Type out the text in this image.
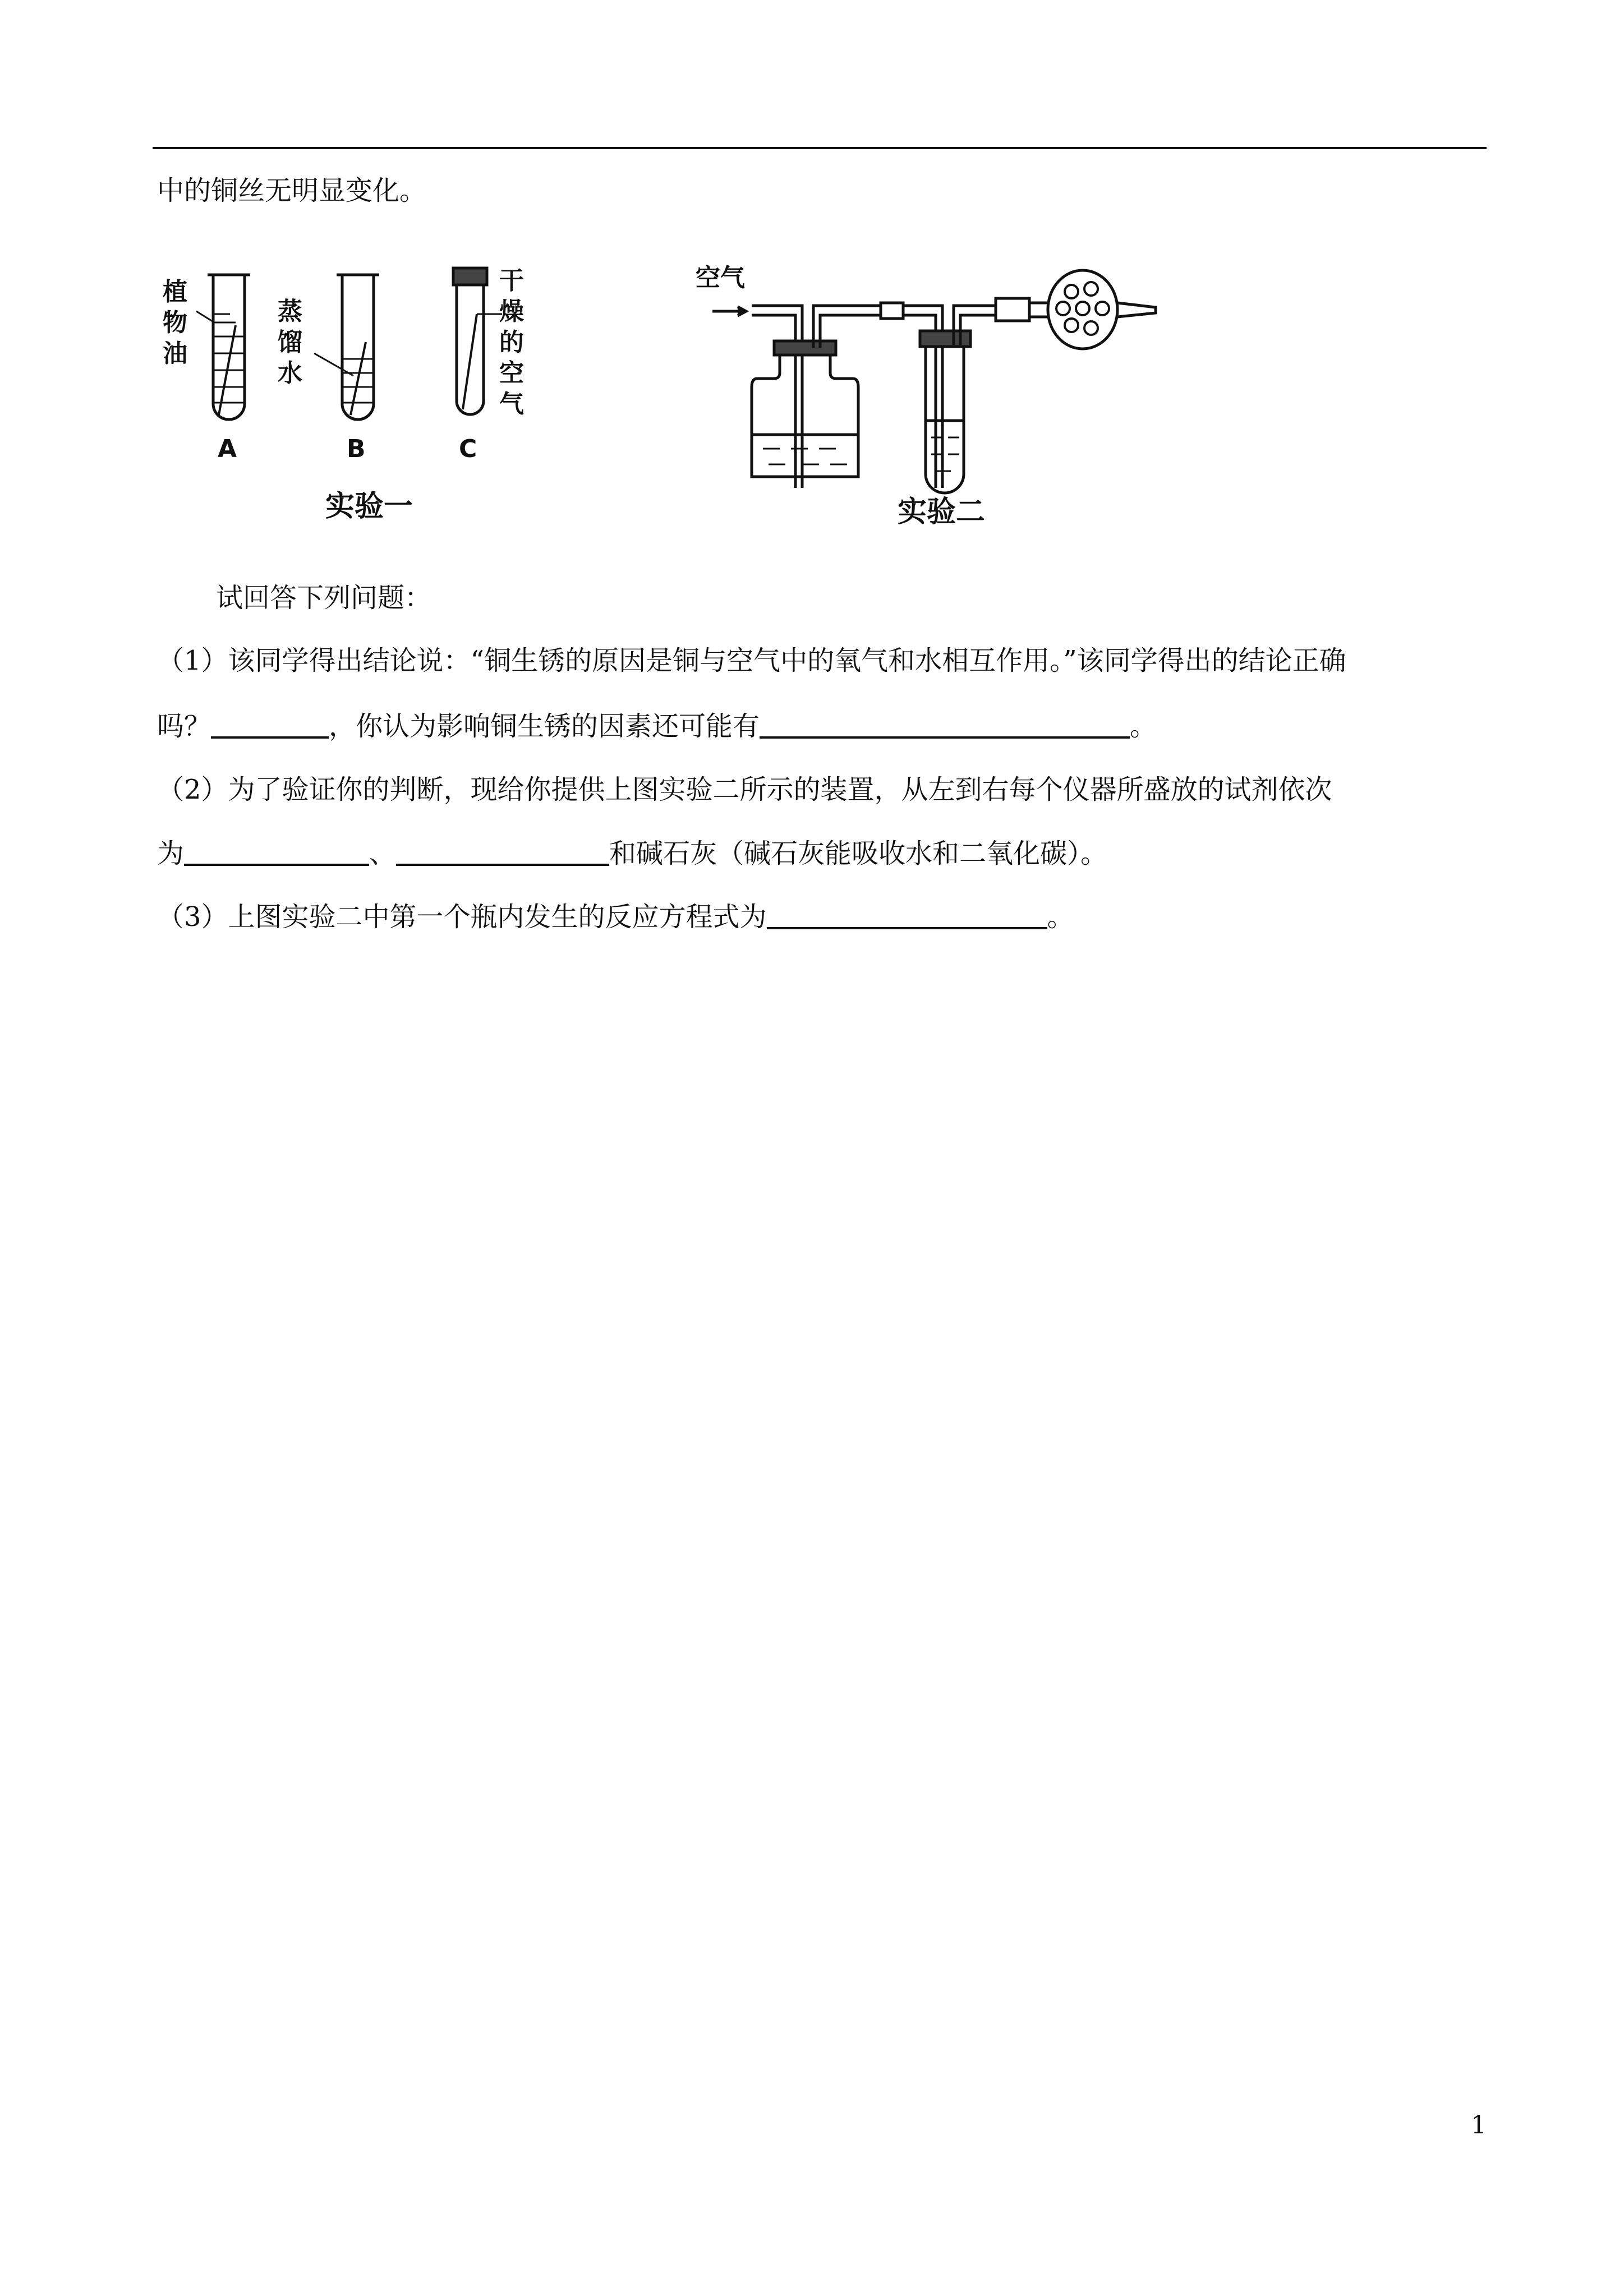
中的铜丝无明显变化。
植
物
油
蒸
馏
水
干
燥
的
空
气
A	B	C
实验一
空气
实验二
试回答下列问题：
（1）该同学得出结论说：“铜生锈的原因是铜与空气中的氧气和水相互作用。”该同学得出的结论正确
吗？	，你认为影响铜生锈的因素还可能有	。
（2）为了验证你的判断，现给你提供上图实验二所示的装置，从左到右每个仪器所盛放的试剂依次
为	、	和碱石灰（碱石灰能吸收水和二氧化碳）。
（3）上图实验二中第一个瓶内发生的反应方程式为	。
1
